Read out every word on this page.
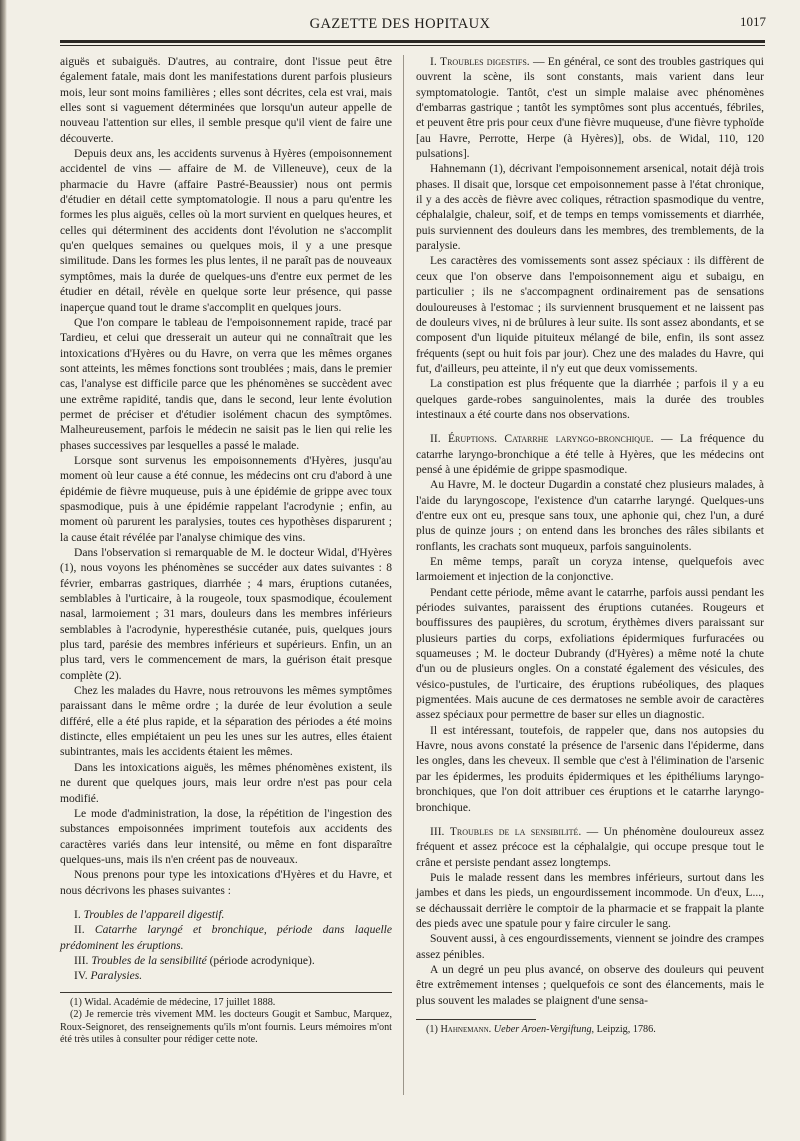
GAZETTE DES HOPITAUX	1017

aiguës et subaiguës. D'autres, au contraire, dont l'issue peut être également fatale, mais dont les manifestations durent parfois plusieurs mois, leur sont moins familières ; elles sont décrites, cela est vrai, mais elles sont si vaguement déterminées que lorsqu'un auteur appelle de nouveau l'attention sur elles, il semble presque qu'il vient de faire une découverte.

Depuis deux ans, les accidents survenus à Hyères (empoisonnement accidentel de vins — affaire de M. de Villeneuve), ceux de la pharmacie du Havre (affaire Pastré-Beaussier) nous ont permis d'étudier en détail cette symptomatologie. Il nous a paru qu'entre les formes les plus aiguës, celles où la mort survient en quelques heures, et celles qui déterminent des accidents dont l'évolution ne s'accomplit qu'en quelques semaines ou quelques mois, il y a une presque similitude. Dans les formes les plus lentes, il ne paraît pas de nouveaux symptômes, mais la durée de quelques-uns d'entre eux permet de les étudier en détail, révèle en quelque sorte leur présence, qui passe inaperçue quand tout le drame s'accomplit en quelques jours.

Que l'on compare le tableau de l'empoisonnement rapide, tracé par Tardieu, et celui que dresserait un auteur qui ne connaîtrait que les intoxications d'Hyères ou du Havre, on verra que les mêmes organes sont atteints, les mêmes fonctions sont troublées ; mais, dans le premier cas, l'analyse est difficile parce que les phénomènes se succèdent avec une extrême rapidité, tandis que, dans le second, leur lente évolution permet de préciser et d'étudier isolément chacun des symptômes. Malheureusement, parfois le médecin ne saisit pas le lien qui relie les phases successives par lesquelles a passé le malade.

Lorsque sont survenus les empoisonnements d'Hyères, jusqu'au moment où leur cause a été connue, les médecins ont cru d'abord à une épidémie de fièvre muqueuse, puis à une épidémie de grippe avec toux spasmodique, puis à une épidémie rappelant l'acrodynie ; enfin, au moment où parurent les paralysies, toutes ces hypothèses disparurent ; la cause était révélée par l'analyse chimique des vins.

Dans l'observation si remarquable de M. le docteur Widal, d'Hyères (1), nous voyons les phénomènes se succéder aux dates suivantes : 8 février, embarras gastriques, diarrhée ; 4 mars, éruptions cutanées, semblables à l'urticaire, à la rougeole, toux spasmodique, écoulement nasal, larmoiement ; 31 mars, douleurs dans les membres inférieurs semblables à l'acrodynie, hyperesthésie cutanée, puis, quelques jours plus tard, parésie des membres inférieurs et supérieurs. Enfin, un an plus tard, vers le commencement de mars, la guérison était presque complète (2).

Chez les malades du Havre, nous retrouvons les mêmes symptômes paraissant dans le même ordre ; la durée de leur évolution a seule différé, elle a été plus rapide, et la séparation des périodes a été moins distincte, elles empiétaient un peu les unes sur les autres, elles étaient subintrantes, mais les accidents étaient les mêmes.

Dans les intoxications aiguës, les mêmes phénomènes existent, ils ne durent que quelques jours, mais leur ordre n'est pas pour cela modifié.

Le mode d'administration, la dose, la répétition de l'ingestion des substances empoisonnées impriment toutefois aux accidents des caractères variés dans leur intensité, ou même en font disparaître quelques-uns, mais ils n'en créent pas de nouveaux.

Nous prenons pour type les intoxications d'Hyères et du Havre, et nous décrivons les phases suivantes :

I. Troubles de l'appareil digestif.

II. Catarrhe laryngé et bronchique, période dans laquelle prédominent les éruptions.

III. Troubles de la sensibilité (période acrodynique).

IV. Paralysies.

(1) Widal. Académie de médecine, 17 juillet 1888.

(2) Je remercie très vivement MM. les docteurs Gougit et Sambuc, Marquez, Roux-Seignoret, des renseignements qu'ils m'ont fournis. Leurs mémoires m'ont été très utiles à consulter pour rédiger cette note.

I. Troubles digestifs. — En général, ce sont des troubles gastriques qui ouvrent la scène, ils sont constants, mais varient dans leur symptomatologie. Tantôt, c'est un simple malaise avec phénomènes d'embarras gastrique ; tantôt les symptômes sont plus accentués, fébriles, et peuvent être pris pour ceux d'une fièvre muqueuse, d'une fièvre typhoïde [au Havre, Perrotte, Herpe (à Hyères)], obs. de Widal, 110, 120 pulsations].

Hahnemann (1), décrivant l'empoisonnement arsenical, notait déjà trois phases. Il disait que, lorsque cet empoisonnement passe à l'état chronique, il y a des accès de fièvre avec coliques, rétraction spasmodique du ventre, céphalalgie, chaleur, soif, et de temps en temps vomissements et diarrhée, puis surviennent des douleurs dans les membres, des tremblements, de la paralysie.

Les caractères des vomissements sont assez spéciaux : ils diffèrent de ceux que l'on observe dans l'empoisonnement aigu et subaigu, en particulier ; ils ne s'accompagnent ordinairement pas de sensations douloureuses à l'estomac ; ils surviennent brusquement et ne laissent pas de douleurs vives, ni de brûlures à leur suite. Ils sont assez abondants, et se composent d'un liquide pituiteux mélangé de bile, enfin, ils sont assez fréquents (sept ou huit fois par jour). Chez une des malades du Havre, qui fut, d'ailleurs, peu atteinte, il n'y eut que deux vomissements.

La constipation est plus fréquente que la diarrhée ; parfois il y a eu quelques garde-robes sanguinolentes, mais la durée des troubles intestinaux a été courte dans nos observations.

II. Éruptions. Catarrhe laryngo-bronchique. — La fréquence du catarrhe laryngo-bronchique a été telle à Hyères, que les médecins ont pensé à une épidémie de grippe spasmodique.

Au Havre, M. le docteur Dugardin a constaté chez plusieurs malades, à l'aide du laryngoscope, l'existence d'un catarrhe laryngé. Quelques-uns d'entre eux ont eu, presque sans toux, une aphonie qui, chez l'un, a duré plus de quinze jours ; on entend dans les bronches des râles sibilants et ronflants, les crachats sont muqueux, parfois sanguinolents.

En même temps, paraît un coryza intense, quelquefois avec larmoiement et injection de la conjonctive.

Pendant cette période, même avant le catarrhe, parfois aussi pendant les périodes suivantes, paraissent des éruptions cutanées. Rougeurs et bouffissures des paupières, du scrotum, érythèmes divers paraissant sur plusieurs parties du corps, exfoliations épidermiques furfuracées ou squameuses ; M. le docteur Dubrandy (d'Hyères) a même noté la chute d'un ou de plusieurs ongles. On a constaté également des vésicules, des vésico-pustules, de l'urticaire, des éruptions rubéoliques, des plaques pigmentées. Mais aucune de ces dermatoses ne semble avoir de caractères assez spéciaux pour permettre de baser sur elles un diagnostic.

Il est intéressant, toutefois, de rappeler que, dans nos autopsies du Havre, nous avons constaté la présence de l'arsenic dans l'épiderme, dans les ongles, dans les cheveux. Il semble que c'est à l'élimination de l'arsenic par les épidermes, les produits épidermiques et les épithéliums laryngo-bronchiques, que l'on doit attribuer ces éruptions et le catarrhe laryngo-bronchique.

III. Troubles de la sensibilité. — Un phénomène douloureux assez fréquent et assez précoce est la céphalalgie, qui occupe presque tout le crâne et persiste pendant assez longtemps.

Puis le malade ressent dans les membres inférieurs, surtout dans les jambes et dans les pieds, un engourdissement incommode. Un d'eux, L..., se déchaussait derrière le comptoir de la pharmacie et se frappait la plante des pieds avec une spatule pour y faire circuler le sang.

Souvent aussi, à ces engourdissements, viennent se joindre des crampes assez pénibles.

A un degré un peu plus avancé, on observe des douleurs qui peuvent être extrêmement intenses ; quelquefois ce sont des élancements, mais le plus souvent les malades se plaignent d'une sensa-

(1) Hahnemann. Ueber Aroen-Vergiftung, Leipzig, 1786.
